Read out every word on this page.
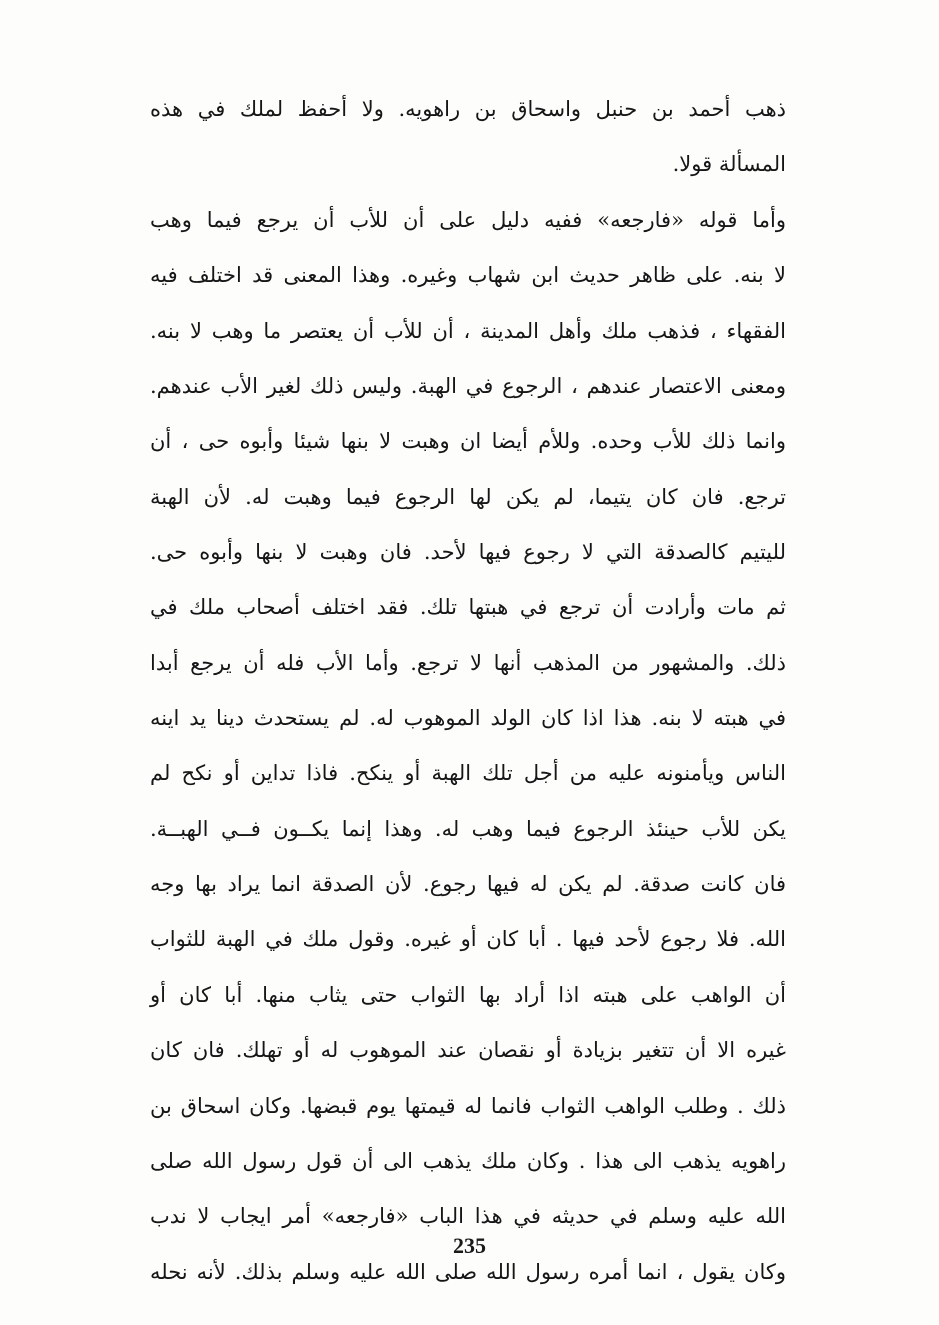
ذهب أحمد بن حنبل واسحاق بن راهويه. ولا أحفظ لملك في هذه
المسألة قولا.
وأما قوله «فارجعه» ففيه دليل على أن للأب أن يرجع فيما وهب
لا بنه. على ظاهر حديث ابن شهاب وغيره. وهذا المعنى قد اختلف فيه
الفقهاء ، فذهب ملك وأهل المدينة ، أن للأب أن يعتصر ما وهب لا بنه.
ومعنى الاعتصار عندهم ، الرجوع في الهبة. وليس ذلك لغير الأب عندهم.
وانما ذلك للأب وحده. وللأم أيضا ان وهبت لا بنها شيئا وأبوه حى ، أن
ترجع. فان كان يتيما، لم يكن لها الرجوع فيما وهبت له. لأن الهبة
لليتيم كالصدقة التي لا رجوع فيها لأحد. فان وهبت لا بنها وأبوه حى.
ثم مات وأرادت أن ترجع في هبتها تلك. فقد اختلف أصحاب ملك في
ذلك. والمشهور من المذهب أنها لا ترجع. وأما الأب فله أن يرجع أبدا
في هبته لا بنه. هذا اذا كان الولد الموهوب له. لم يستحدث دينا يد اينه
الناس ويأمنونه عليه من أجل تلك الهبة أو ينكح. فاذا تداين أو نكح لم
يكن للأب حينئذ الرجوع فيما وهب له. وهذا إنما يكــون فــي الهبــة.
فان كانت صدقة. لم يكن له فيها رجوع. لأن الصدقة انما يراد بها وجه
الله. فلا رجوع لأحد فيها . أبا كان أو غيره. وقول ملك في الهبة للثواب
أن الواهب على هبته اذا أراد بها الثواب حتى يثاب منها. أبا كان أو
غيره الا أن تتغير بزيادة أو نقصان عند الموهوب له أو تهلك. فان كان
ذلك . وطلب الواهب الثواب فانما له قيمتها يوم قبضها. وكان اسحاق بن
راهويه يذهب الى هذا . وكان ملك يذهب الى أن قول رسول الله صلى
الله عليه وسلم في حديثه في هذا الباب «فارجعه» أمر ايجاب لا ندب
وكان يقول ، انما أمره رسول الله صلى الله عليه وسلم بذلك. لأنه نحله
235
